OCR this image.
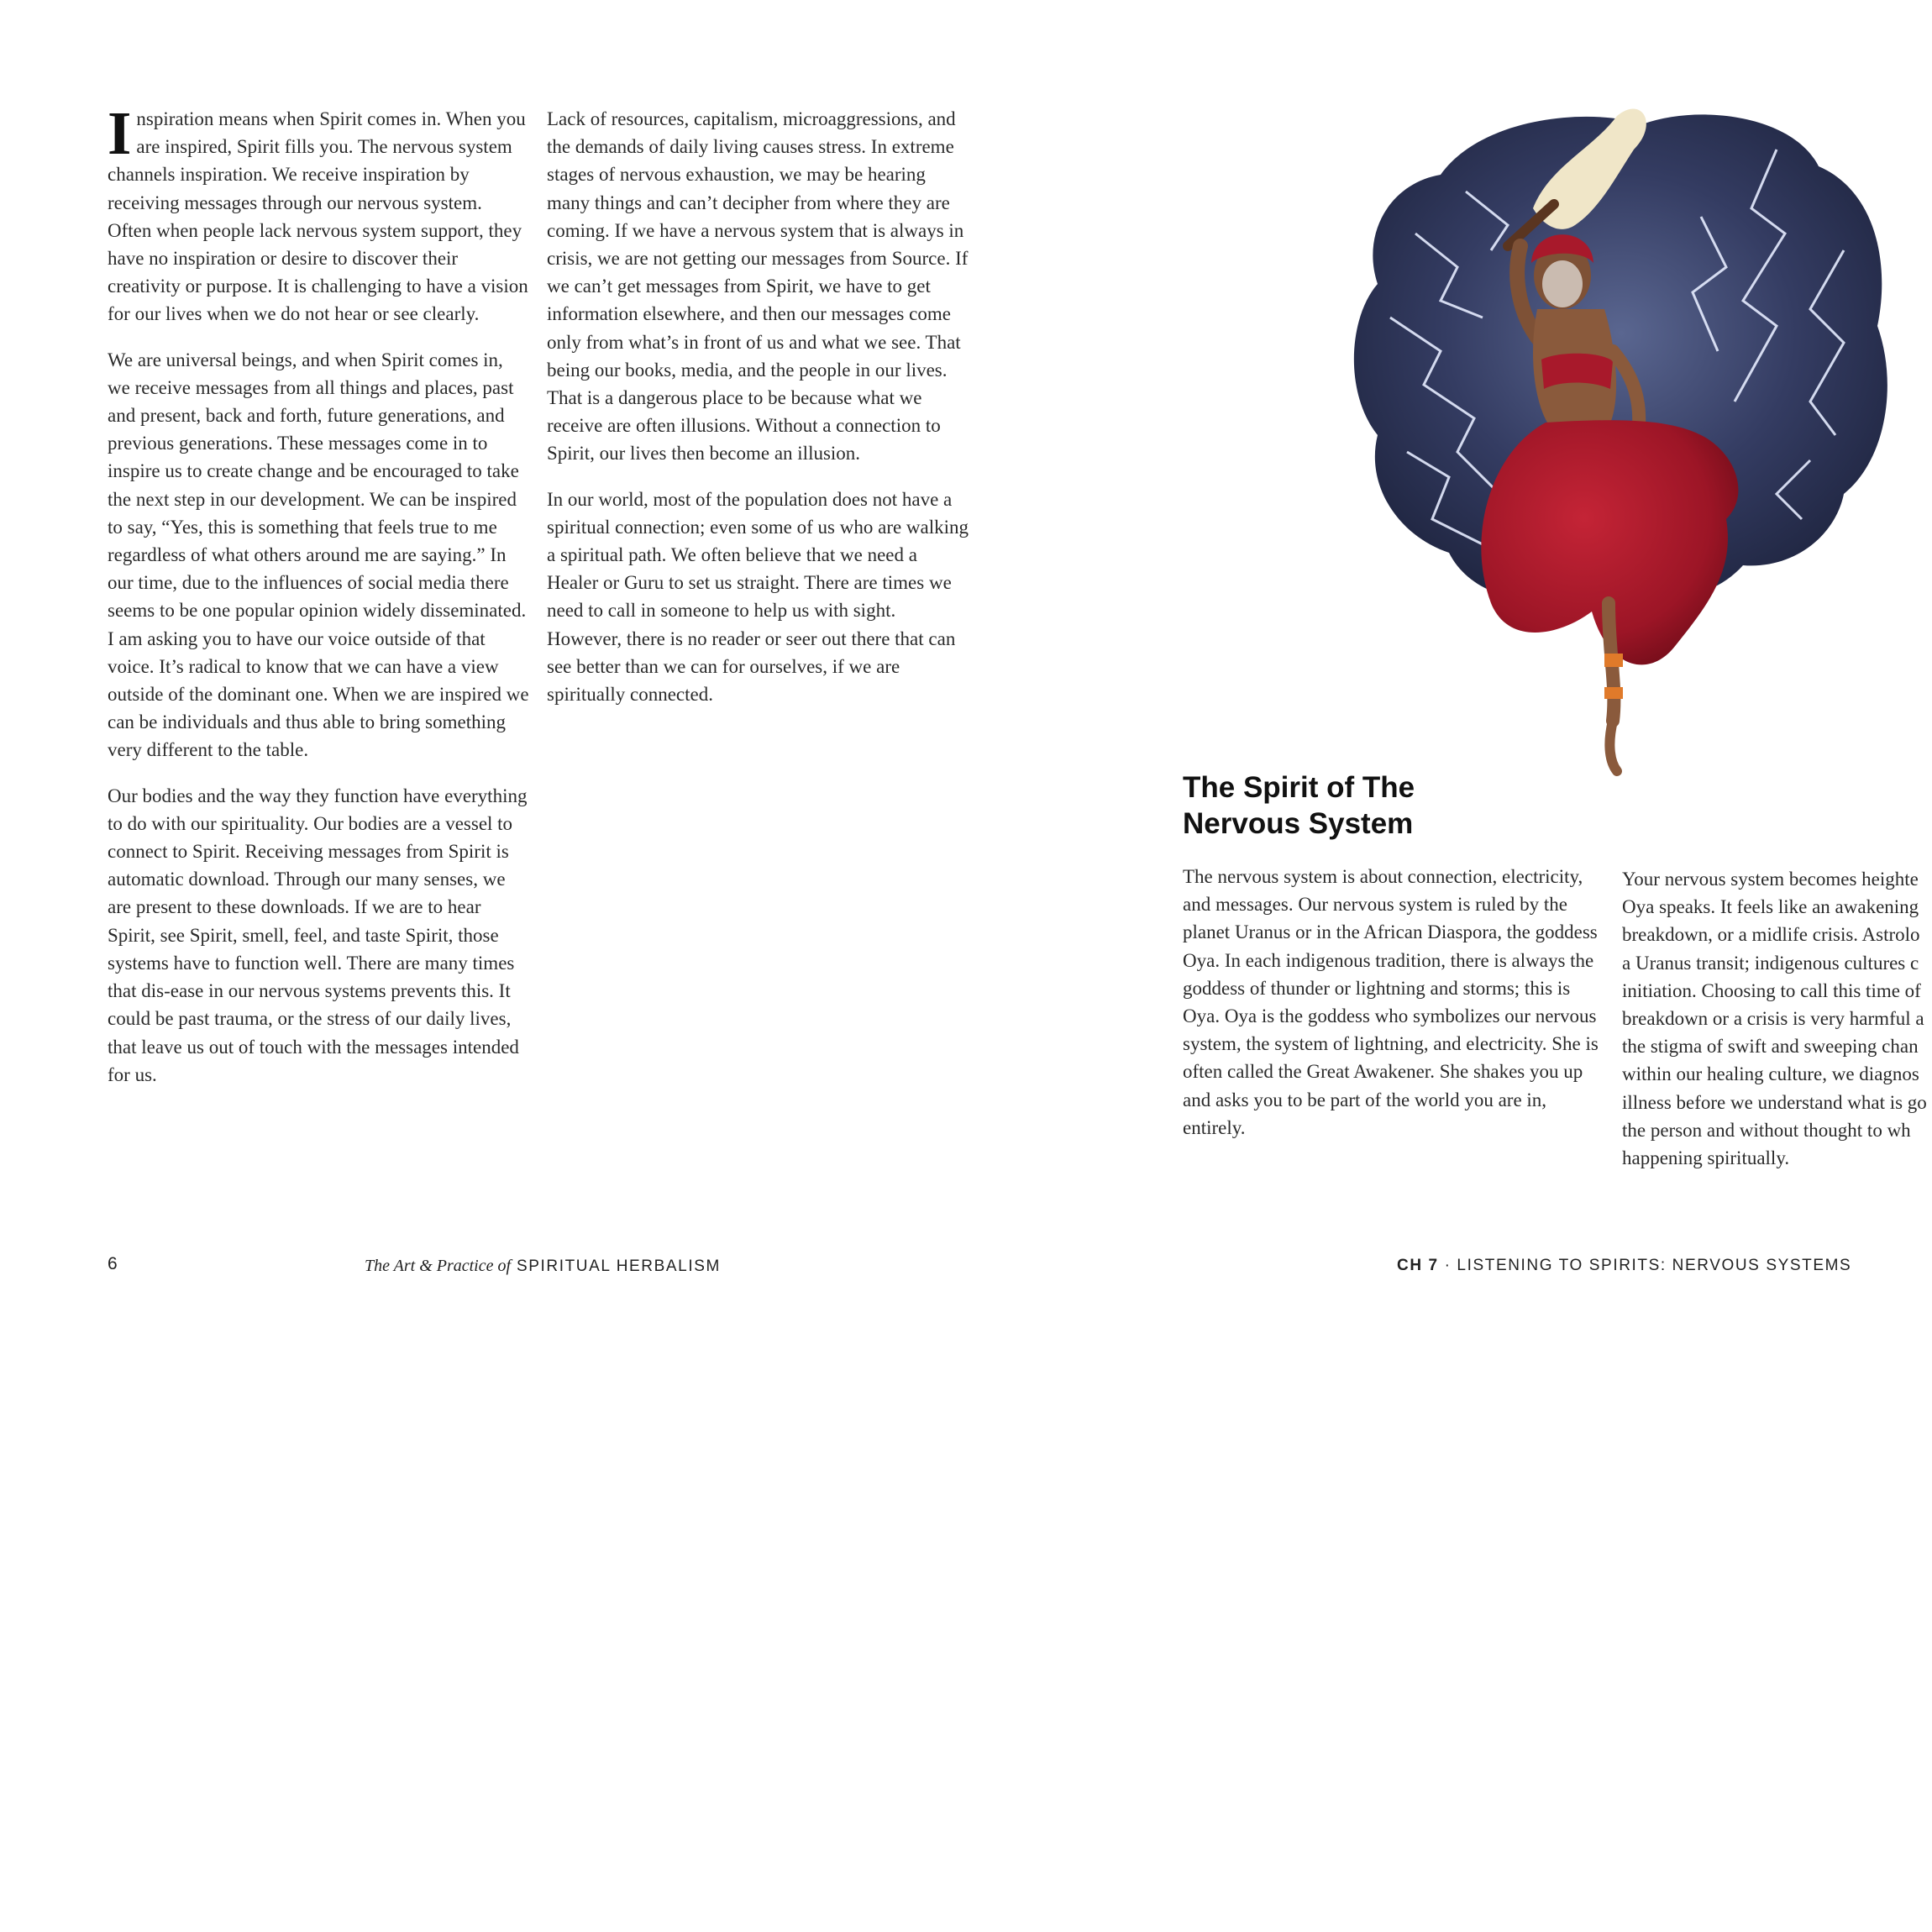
Inspiration means when Spirit comes in. When you are inspired, Spirit fills you. The nervous system channels inspiration. We receive inspiration by receiving messages through our nervous system. Often when people lack nervous system support, they have no inspiration or desire to discover their creativity or purpose. It is challenging to have a vision for our lives when we do not hear or see clearly.

We are universal beings, and when Spirit comes in, we receive messages from all things and places, past and present, back and forth, future generations, and previous generations. These messages come in to inspire us to create change and be encouraged to take the next step in our development. We can be inspired to say, “Yes, this is something that feels true to me regardless of what others around me are saying.” In our time, due to the influences of social media there seems to be one popular opinion widely disseminated. I am asking you to have our voice outside of that voice. It’s radical to know that we can have a view outside of the dominant one. When we are inspired we can be individuals and thus able to bring something very different to the table.

Our bodies and the way they function have everything to do with our spirituality. Our bodies are a vessel to connect to Spirit. Receiving messages from Spirit is automatic download. Through our many senses, we are present to these downloads. If we are to hear Spirit, see Spirit, smell, feel, and taste Spirit, those systems have to function well. There are many times that dis-ease in our nervous systems prevents this. It could be past trauma, or the stress of our daily lives, that leave us out of touch with the messages intended for us.

Lack of resources, capitalism, microaggressions, and the demands of daily living causes stress. In extreme stages of nervous exhaustion, we may be hearing many things and can’t decipher from where they are coming. If we have a nervous system that is always in crisis, we are not getting our messages from Source. If we can’t get messages from Spirit, we have to get information elsewhere, and then our messages come only from what’s in front of us and what we see. That being our books, media, and the people in our lives. That is a dangerous place to be because what we receive are often illusions. Without a connection to Spirit, our lives then become an illusion.

In our world, most of the population does not have a spiritual connection; even some of us who are walking a spiritual path. We often believe that we need a Healer or Guru to set us straight. There are times we need to call in someone to help us with sight. However, there is no reader or seer out there that can see better than we can for ourselves, if we are spiritually connected.

6	The Art & Practice of SPIRITUAL HERBALISM
The Spirit of The
Nervous System

The nervous system is about connection, electricity, and messages. Our nervous system is ruled by the planet Uranus or in the African Diaspora, the goddess Oya. In each indigenous tradition, there is always the goddess of thunder or lightning and storms; this is Oya. Oya is the goddess who symbolizes our nervous system, the system of lightning, and electricity. She is often called the Great Awakener. She shakes you up and asks you to be part of the world you are in, entirely.

Your nervous system becomes heighte
Oya speaks. It feels like an awakening
breakdown, or a midlife crisis. Astrolo
a Uranus transit; indigenous cultures c
initiation. Choosing to call this time of
breakdown or a crisis is very harmful a
the stigma of swift and sweeping chan
within our healing culture, we diagnos
illness before we understand what is go
the person and without thought to wh
happening spiritually.
CH 7 · LISTENING TO SPIRITS: NERVOUS SYSTEMS
